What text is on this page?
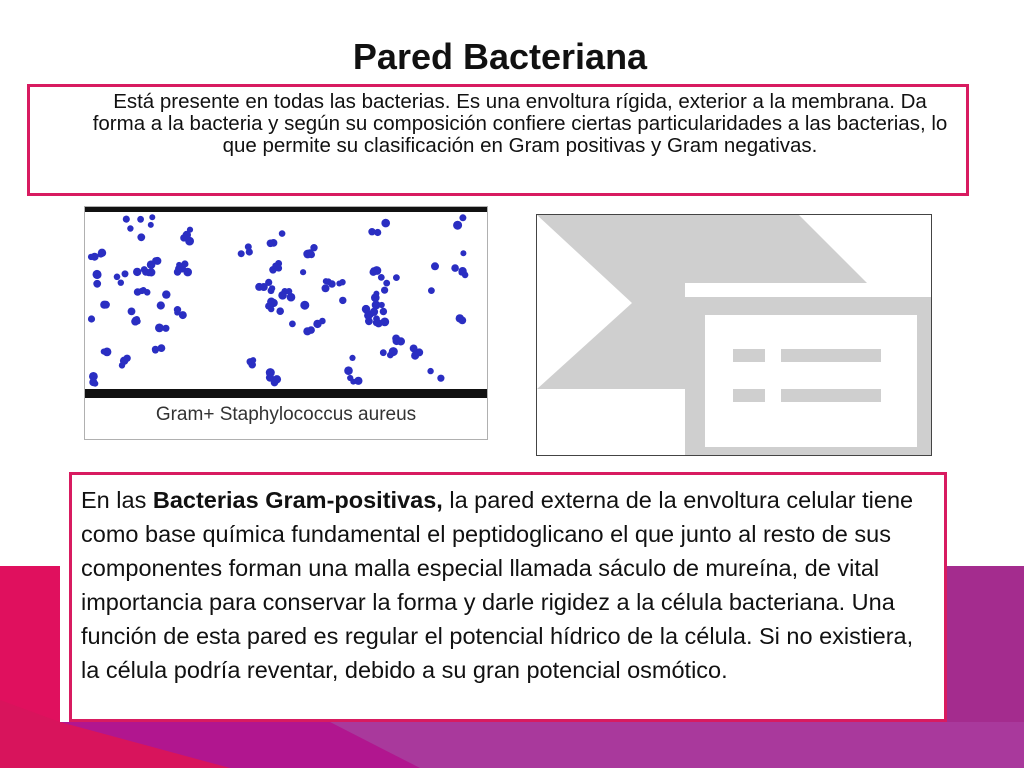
Pared Bacteriana

Está presente en todas las bacterias. Es una envoltura rígida, exterior a la membrana. Da forma a la bacteria y según su composición confiere ciertas particularidades a las bacterias, lo que permite su clasificación en Gram positivas y Gram negativas.

Gram+ Staphylococcus aureus

En las Bacterias Gram-positivas, la pared externa de la envoltura celular tiene como base química fundamental el peptidoglicano el que junto al resto de sus componentes forman una malla especial llamada sáculo de mureína, de vital importancia para conservar la forma y darle rigidez a la célula bacteriana. Una función de esta pared es regular el potencial hídrico de la célula. Si no existiera, la célula podría reventar, debido a su gran potencial osmótico.
